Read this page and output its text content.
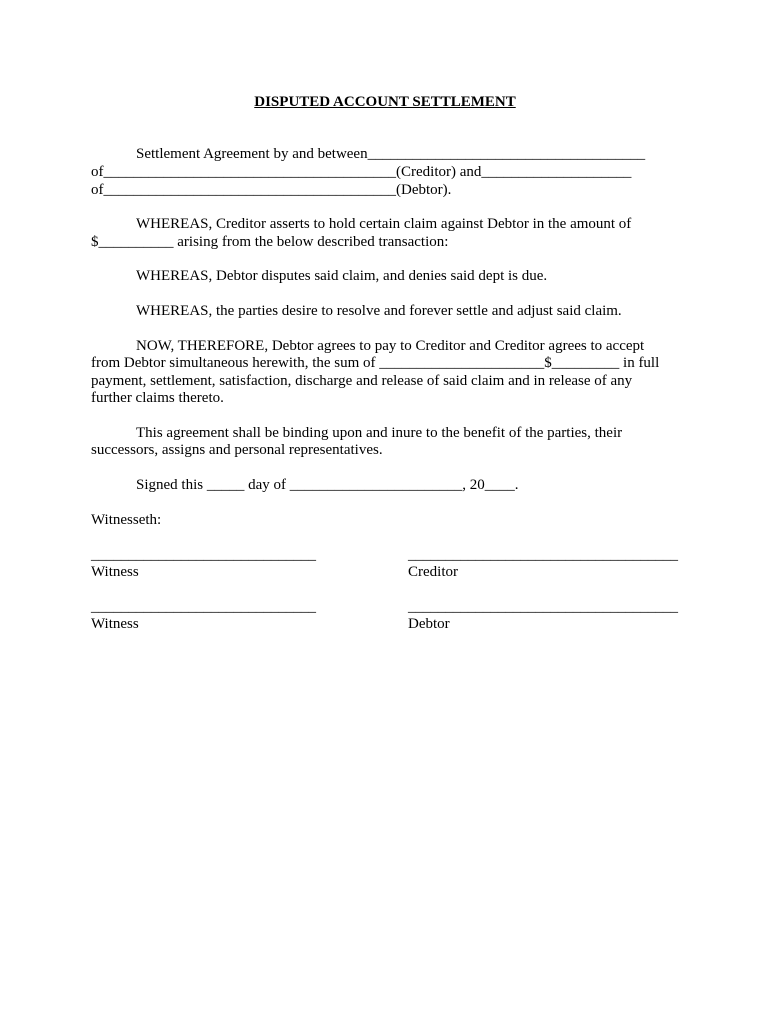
DISPUTED ACCOUNT SETTLEMENT
Settlement Agreement by and between_____________________________________
of_______________________________________(Creditor) and____________________
of_______________________________________(Debtor).
WHEREAS, Creditor asserts to hold certain claim against Debtor in the amount of
$__________ arising from the below described transaction:
WHEREAS, Debtor disputes said claim, and denies said dept is due.
WHEREAS, the parties desire to resolve and forever settle and adjust said claim.
NOW, THEREFORE, Debtor agrees to pay to Creditor and Creditor agrees to accept
from Debtor simultaneous herewith, the sum of ______________________$_________ in full
payment, settlement, satisfaction, discharge and release of said claim and in release of any
further claims thereto.
This agreement shall be binding upon and inure to the benefit of the parties, their
successors, assigns and personal representatives.
Signed this _____ day of _______________________, 20____.
Witnesseth:
______________________________	____________________________________
Witness	Creditor
______________________________	____________________________________
Witness	Debtor
